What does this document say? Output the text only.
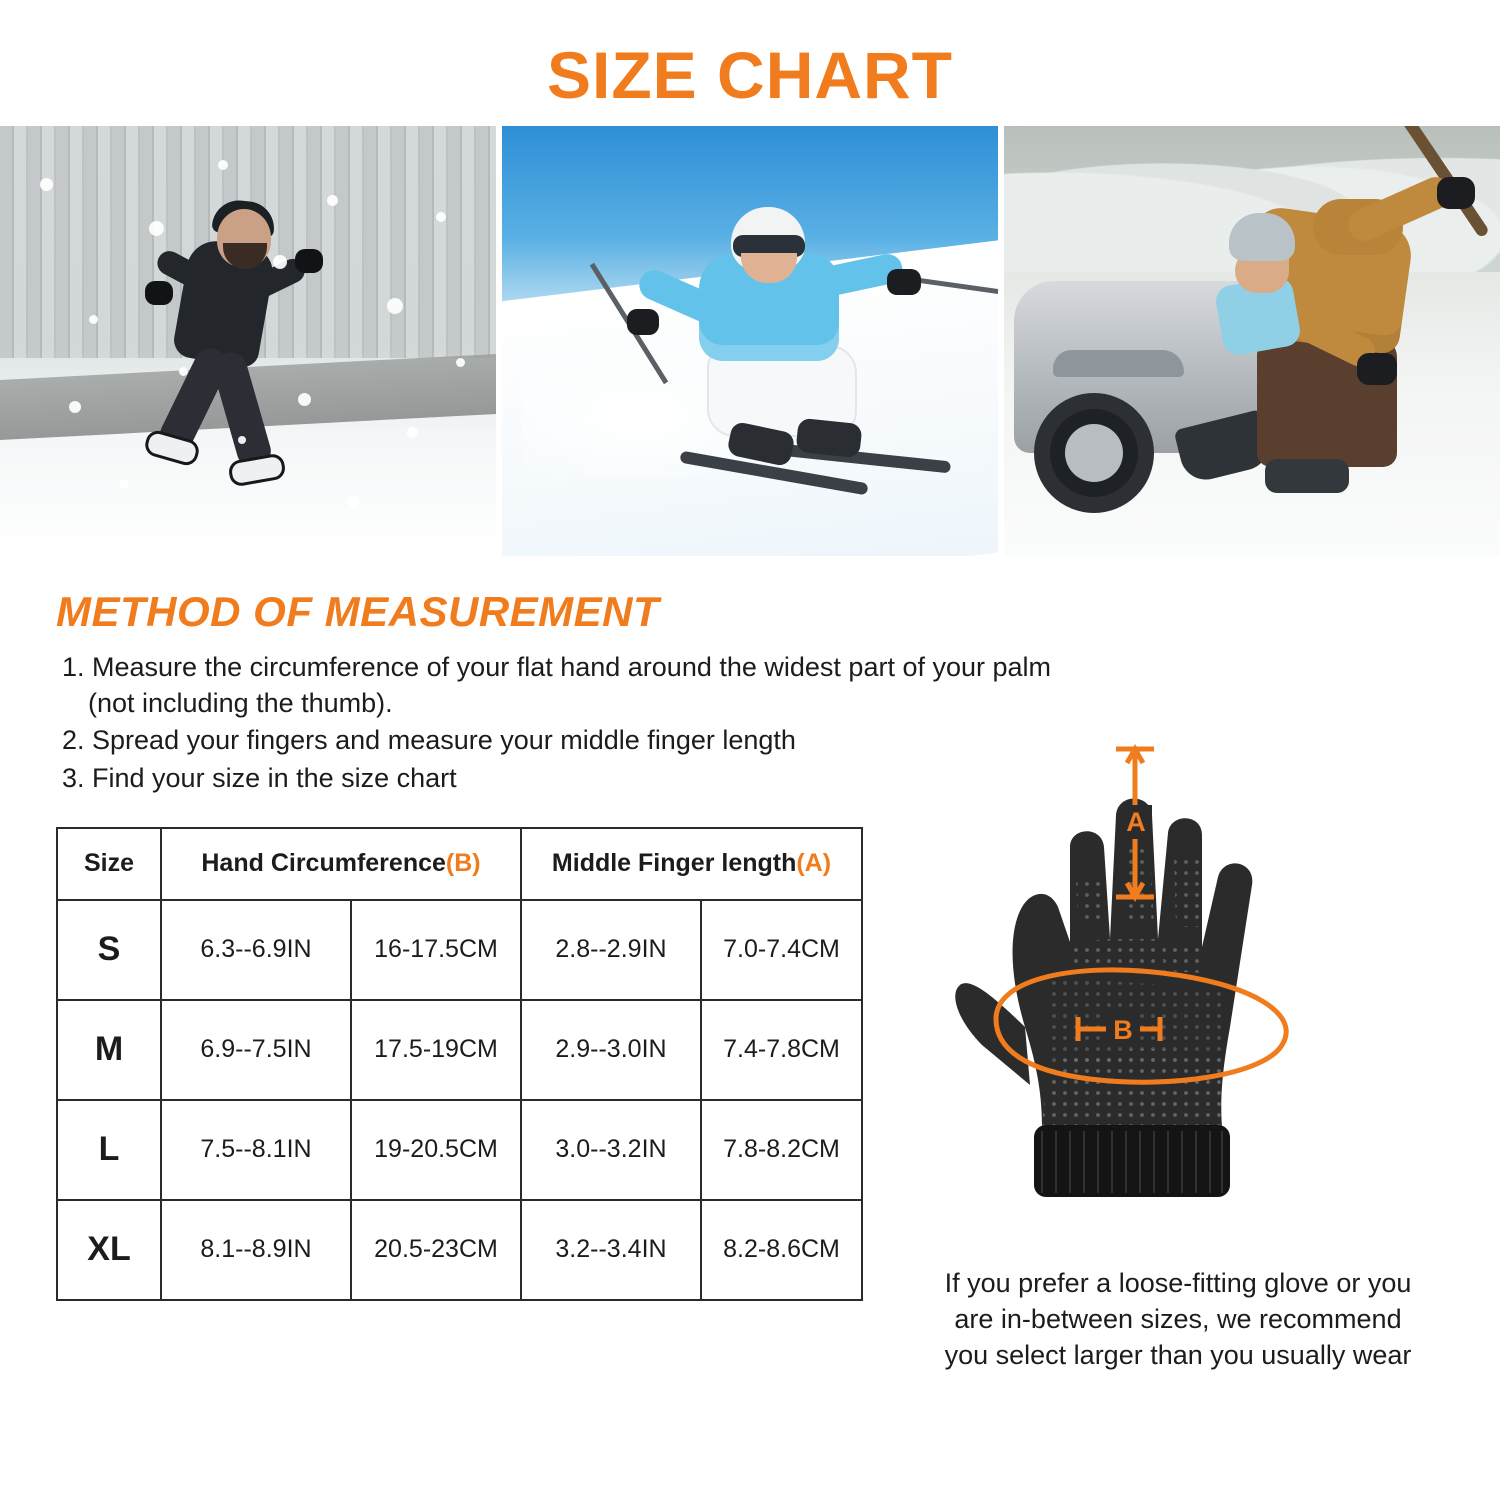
SIZE CHART
METHOD OF MEASUREMENT
1. Measure the circumference of your flat hand around the widest part of your palm
(not including the thumb).
2. Spread your fingers and measure your middle finger length
3. Find your size in the size chart
Size	Hand Circumference(B)		Middle Finger length(A)	
S	6.3--6.9IN	16-17.5CM	2.8--2.9IN	7.0-7.4CM
M	6.9--7.5IN	17.5-19CM	2.9--3.0IN	7.4-7.8CM
L	7.5--8.1IN	19-20.5CM	3.0--3.2IN	7.8-8.2CM
XL	8.1--8.9IN	20.5-23CM	3.2--3.4IN	8.2-8.6CM
A
B
If you prefer a loose-fitting glove or you
are in-between sizes, we recommend
you select larger than you usually wear
